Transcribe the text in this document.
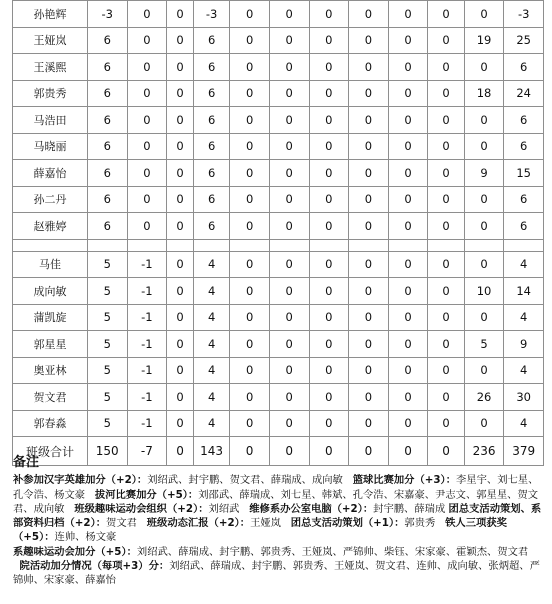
孙艳辉	-3	0	0	-3	0	0	0	0	0	0	0	-3
王娅岚	6	0	0	6	0	0	0	0	0	0	19	25
王溪熙	6	0	0	6	0	0	0	0	0	0	0	6
郭贵秀	6	0	0	6	0	0	0	0	0	0	18	24
马浩田	6	0	0	6	0	0	0	0	0	0	0	6
马晓丽	6	0	0	6	0	0	0	0	0	0	0	6
薛嘉怡	6	0	0	6	0	0	0	0	0	0	9	15
孙二丹	6	0	0	6	0	0	0	0	0	0	0	6
赵雅婷	6	0	0	6	0	0	0	0	0	0	0	6

马佳	5	-1	0	4	0	0	0	0	0	0	0	4
成向敏	5	-1	0	4	0	0	0	0	0	0	10	14
蒲凯旋	5	-1	0	4	0	0	0	0	0	0	0	4
郭星星	5	-1	0	4	0	0	0	0	0	0	5	9
奥亚林	5	-1	0	4	0	0	0	0	0	0	0	4
贺文君	5	-1	0	4	0	0	0	0	0	0	26	30
郭春淼	5	-1	0	4	0	0	0	0	0	0	0	4
班级合计	150	-7	0	143	0	0	0	0	0	0	236	379
备注
补参加汉字英雄加分（+2）：刘绍武、封宇鹏、贺文君、薛瑞成、成向敏 篮球比赛加分（+3）：李星宇、刘七星、孔令浩、杨文豪 拔河比赛加分（+5）：刘邵武、薛瑞成、刘七星、韩斌、孔令浩、宋嘉豪、尹志文、郭星星、贺文君、成向敏 班级趣味运动会组织（+2）：刘绍武 维修系办公室电脑（+2）：封宇鹏、薛瑞成 团总支活动策划、系部资料归档（+2）：贺文君 班级动态汇报（+2）：王娅岚 团总支活动策划（+1）：郭贵秀 铁人三项获奖（+5）：连帅、杨文豪
系趣味运动会加分（+5）：刘绍武、薛瑞成、封宇鹏、郭贵秀、王娅岚、严锦帅、柴钰、宋家豪、霍颖杰、贺文君   院活动加分情况（每项+3）分：刘绍武、薛瑞成、封宇鹏、郭贵秀、王娅岚、贺文君、连帅、成向敏、张炳超、严锦帅、宋家豪、薛嘉怡
